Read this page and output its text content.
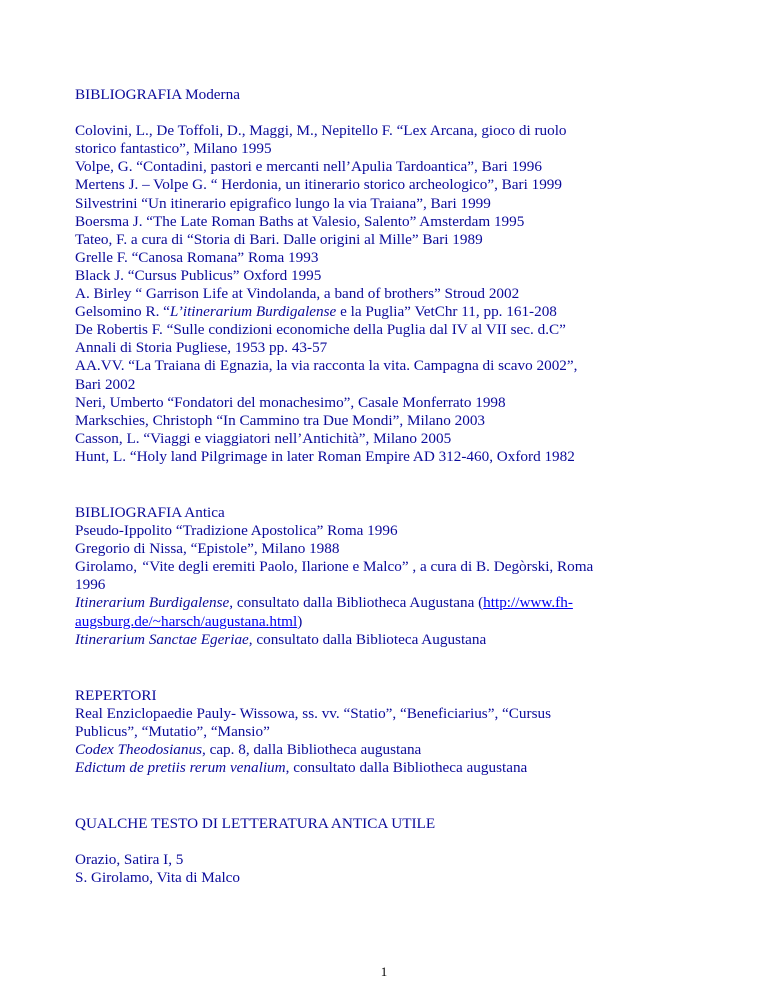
BIBLIOGRAFIA Moderna
Colovini, L., De Toffoli, D., Maggi, M., Nepitello F. “Lex Arcana, gioco di ruolo
storico fantastico”, Milano 1995
Volpe, G. “Contadini, pastori e mercanti nell’Apulia Tardoantica”, Bari 1996
Mertens J. – Volpe G. “ Herdonia, un itinerario storico archeologico”, Bari 1999
Silvestrini “Un itinerario epigrafico lungo la via Traiana”, Bari 1999
Boersma J. “The Late Roman Baths at Valesio, Salento” Amsterdam 1995
Tateo, F. a cura di “Storia di Bari. Dalle origini al Mille” Bari 1989
Grelle F. “Canosa Romana” Roma 1993
Black J. “Cursus Publicus” Oxford 1995
A. Birley “ Garrison Life at Vindolanda, a band of brothers” Stroud 2002
Gelsomino R. “L’itinerarium Burdigalense e la Puglia” VetChr 11, pp. 161-208
De Robertis F. “Sulle condizioni economiche della Puglia dal IV al VII sec. d.C”
Annali di Storia Pugliese, 1953 pp. 43-57
AA.VV. “La Traiana di Egnazia, la via racconta la vita. Campagna di scavo 2002”,
Bari 2002
Neri, Umberto “Fondatori del monachesimo”, Casale Monferrato 1998
Markschies, Christoph “In Cammino tra Due Mondi”, Milano 2003
Casson, L. “Viaggi e viaggiatori nell’Antichità”, Milano 2005
Hunt, L. “Holy land Pilgrimage in later Roman Empire AD 312-460, Oxford 1982
BIBLIOGRAFIA Antica
Pseudo-Ippolito “Tradizione Apostolica” Roma 1996
Gregorio di Nissa, “Epistole”, Milano 1988
Girolamo, “Vite degli eremiti Paolo, Ilarione e Malco” , a cura di B. Degòrski, Roma
1996
Itinerarium Burdigalense, consultato dalla Bibliotheca Augustana (http://www.fh-
augsburg.de/~harsch/augustana.html)
Itinerarium Sanctae Egeriae, consultato dalla Biblioteca Augustana
REPERTORI
Real Enziclopaedie Pauly- Wissowa, ss. vv. “Statio”, “Beneficiarius”, “Cursus
Publicus”, “Mutatio”, “Mansio”
Codex Theodosianus, cap. 8, dalla Bibliotheca augustana
Edictum de pretiis rerum venalium, consultato dalla Bibliotheca augustana
QUALCHE TESTO DI LETTERATURA ANTICA UTILE
Orazio, Satira I, 5
S. Girolamo, Vita di Malco
1
